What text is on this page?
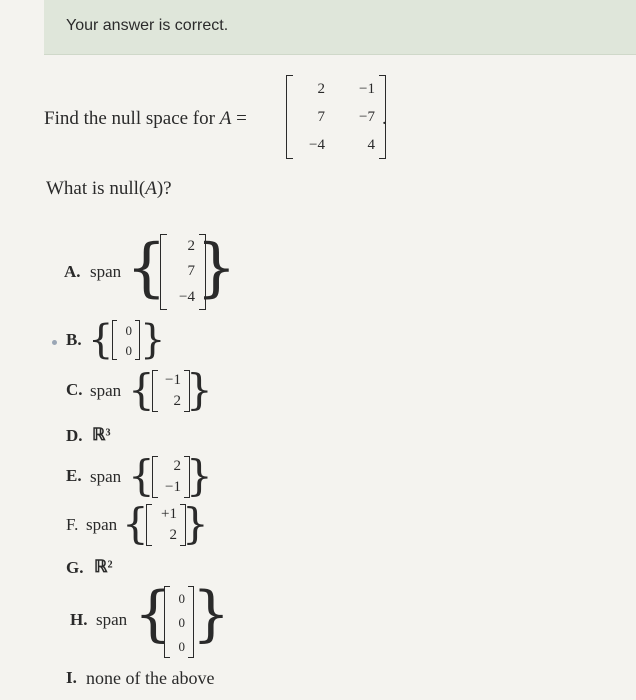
Your answer is correct.
Find the null space for A =
2 −1
7 −7
−4	4
.
What is null(A)?
A. span { 2
7
−4 }
B. { 0
0 }
C. span { −1
2 }
D. ℝ³
E. span { 2
−1 }
F. span { +1
2 }
G. ℝ²
H. span { 0
0
0 }
I. none of the above
